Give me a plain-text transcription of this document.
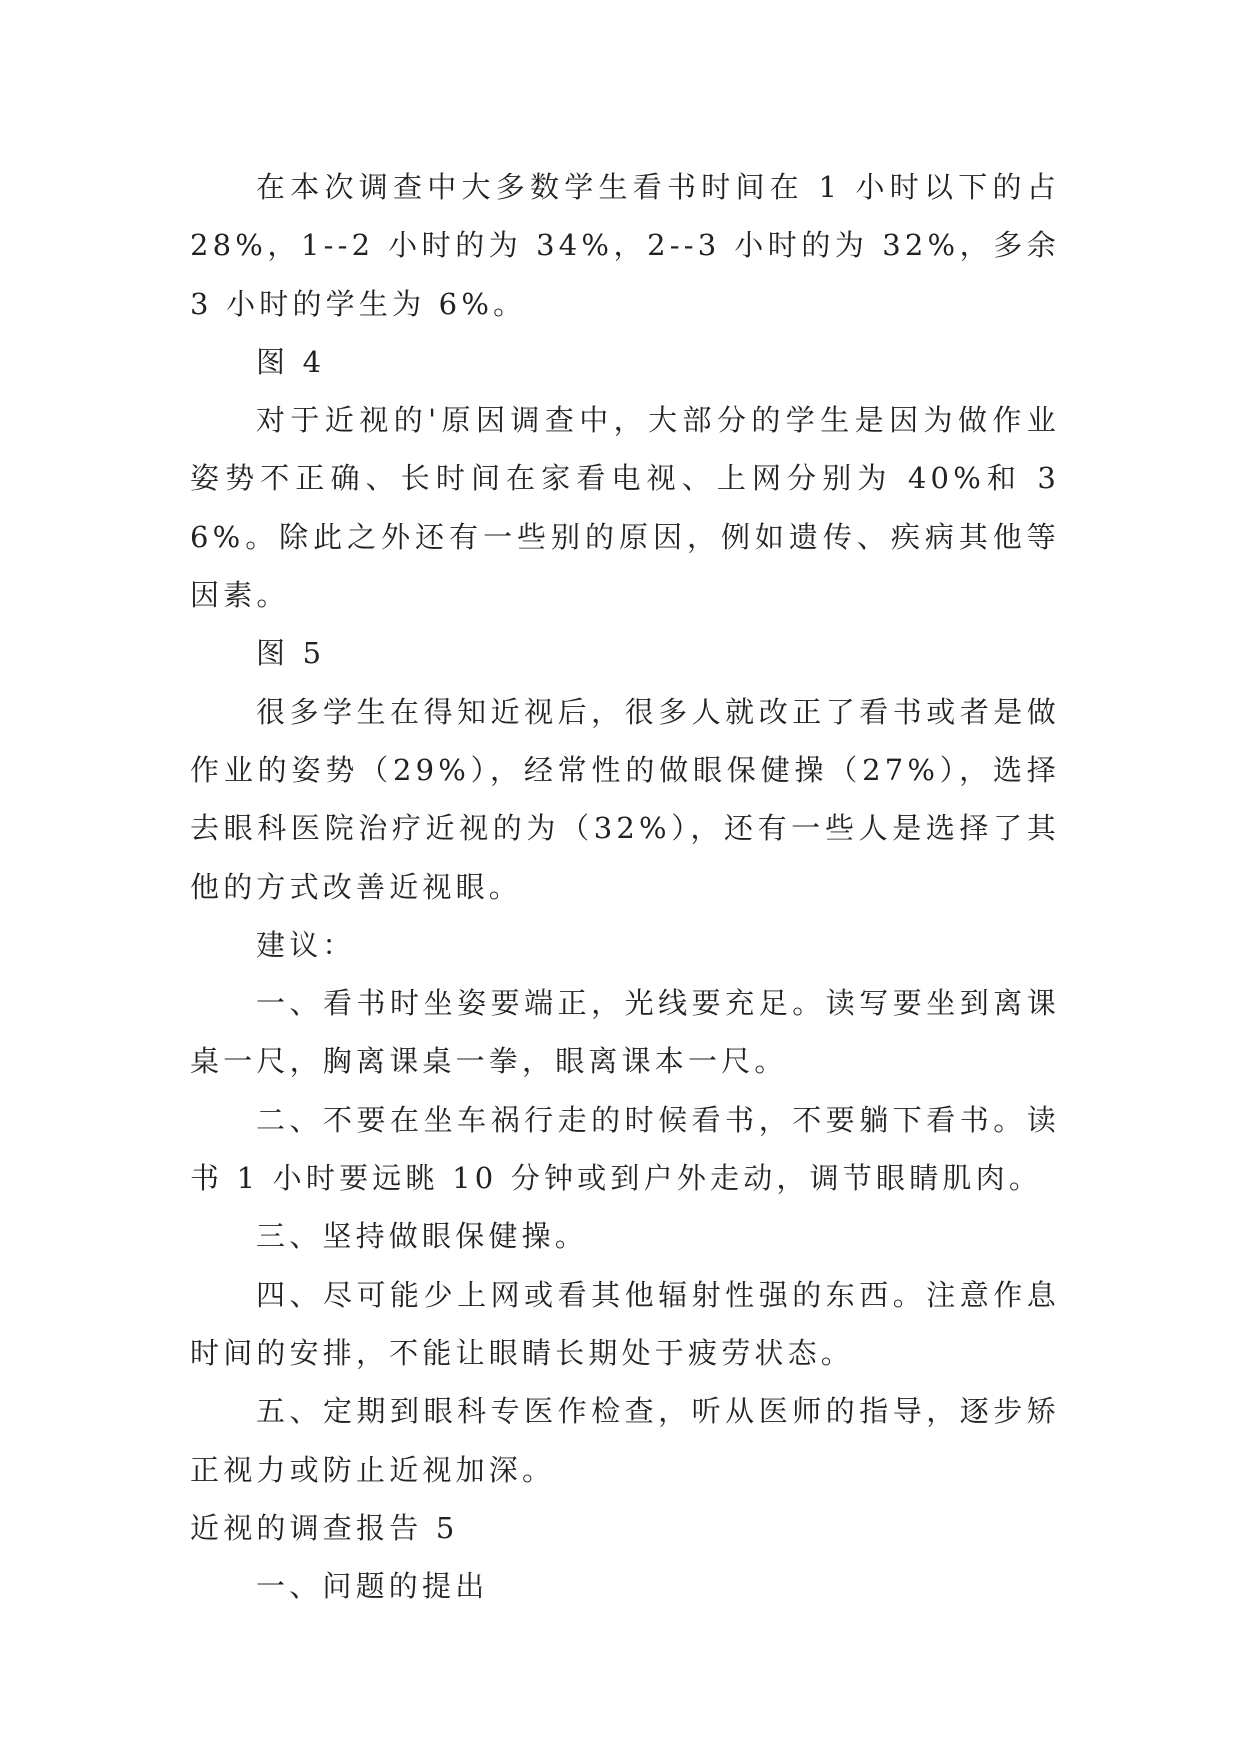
在本次调查中大多数学生看书时间在 1 小时以下的占 28%，1--2 小时的为 34%，2--3 小时的为 32%，多余 3 小时的学生为 6%。

图 4

对于近视的'原因调查中，大部分的学生是因为做作业姿势不正确、长时间在家看电视、上网分别为 40%和 36%。除此之外还有一些别的原因，例如遗传、疾病其他等因素。

图 5

很多学生在得知近视后，很多人就改正了看书或者是做作业的姿势（29%），经常性的做眼保健操（27%），选择去眼科医院治疗近视的为（32%），还有一些人是选择了其他的方式改善近视眼。

建议：

一、看书时坐姿要端正，光线要充足。读写要坐到离课桌一尺，胸离课桌一拳，眼离课本一尺。

二、不要在坐车祸行走的时候看书，不要躺下看书。读书 1 小时要远眺 10 分钟或到户外走动，调节眼睛肌肉。

三、坚持做眼保健操。

四、尽可能少上网或看其他辐射性强的东西。注意作息时间的安排，不能让眼睛长期处于疲劳状态。

五、定期到眼科专医作检查，听从医师的指导，逐步矫正视力或防止近视加深。

近视的调查报告 5

一、问题的提出
